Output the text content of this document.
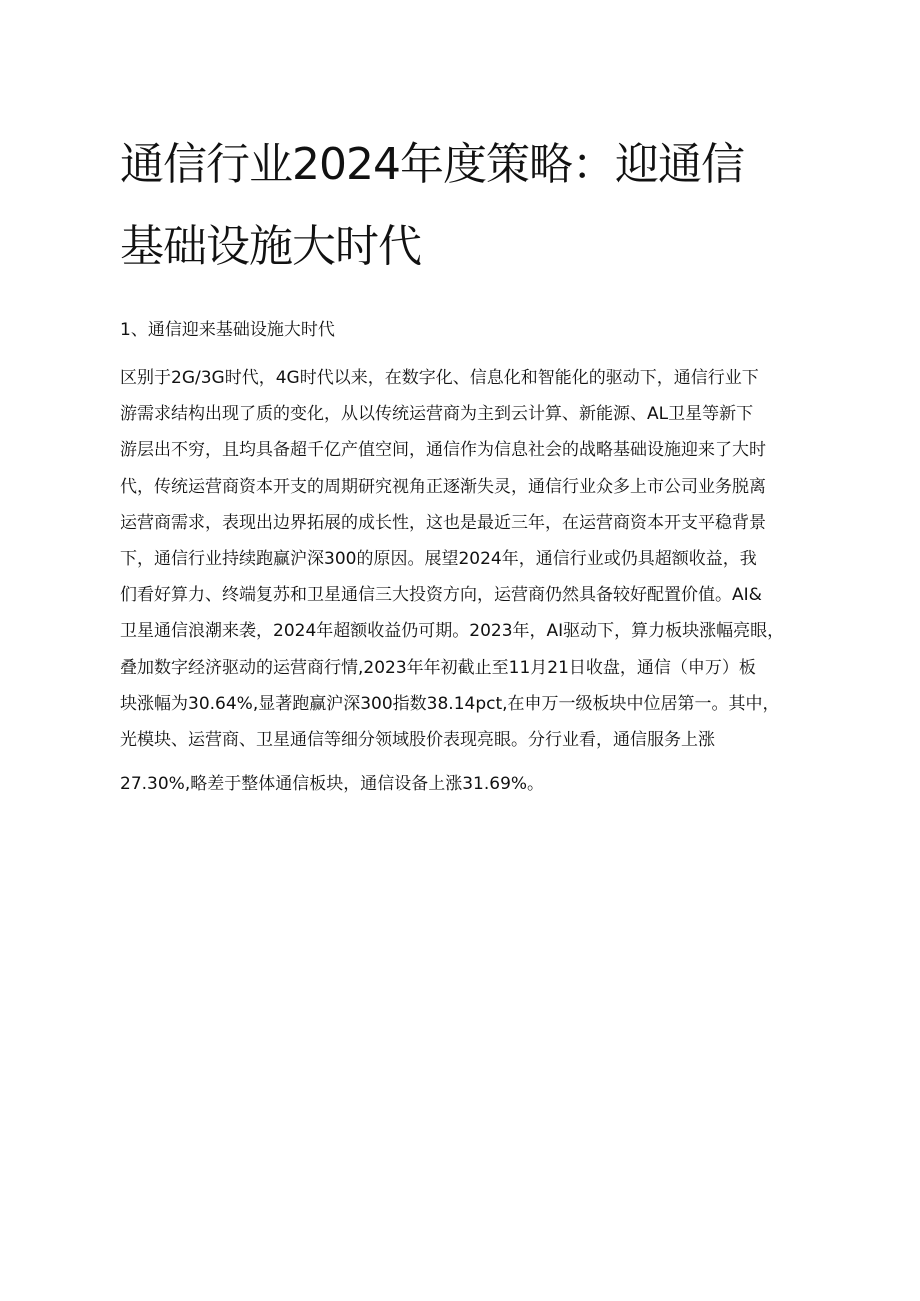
通信行业2024年度策略：迎通信
基础设施大时代
1、通信迎来基础设施大时代
区别于2G/3G时代，4G时代以来，在数字化、信息化和智能化的驱动下，通信行业下
游需求结构出现了质的变化，从以传统运营商为主到云计算、新能源、AL卫星等新下
游层出不穷，且均具备超千亿产值空间，通信作为信息社会的战略基础设施迎来了大时
代，传统运营商资本开支的周期研究视角正逐渐失灵，通信行业众多上市公司业务脱离
运营商需求，表现出边界拓展的成长性，这也是最近三年，在运营商资本开支平稳背景
下，通信行业持续跑赢沪深300的原因。展望2024年，通信行业或仍具超额收益，我
们看好算力、终端复苏和卫星通信三大投资方向，运营商仍然具备较好配置价值。AI&
卫星通信浪潮来袭，2024年超额收益仍可期。2023年，AI驱动下，算力板块涨幅亮眼，
叠加数字经济驱动的运营商行情,2023年年初截止至11月21日收盘，通信（申万）板
块涨幅为30.64%,显著跑赢沪深300指数38.14pct,在申万一级板块中位居第一。其中，
光模块、运营商、卫星通信等细分领域股价表现亮眼。分行业看，通信服务上涨
27.30%,略差于整体通信板块，通信设备上涨31.69%。
